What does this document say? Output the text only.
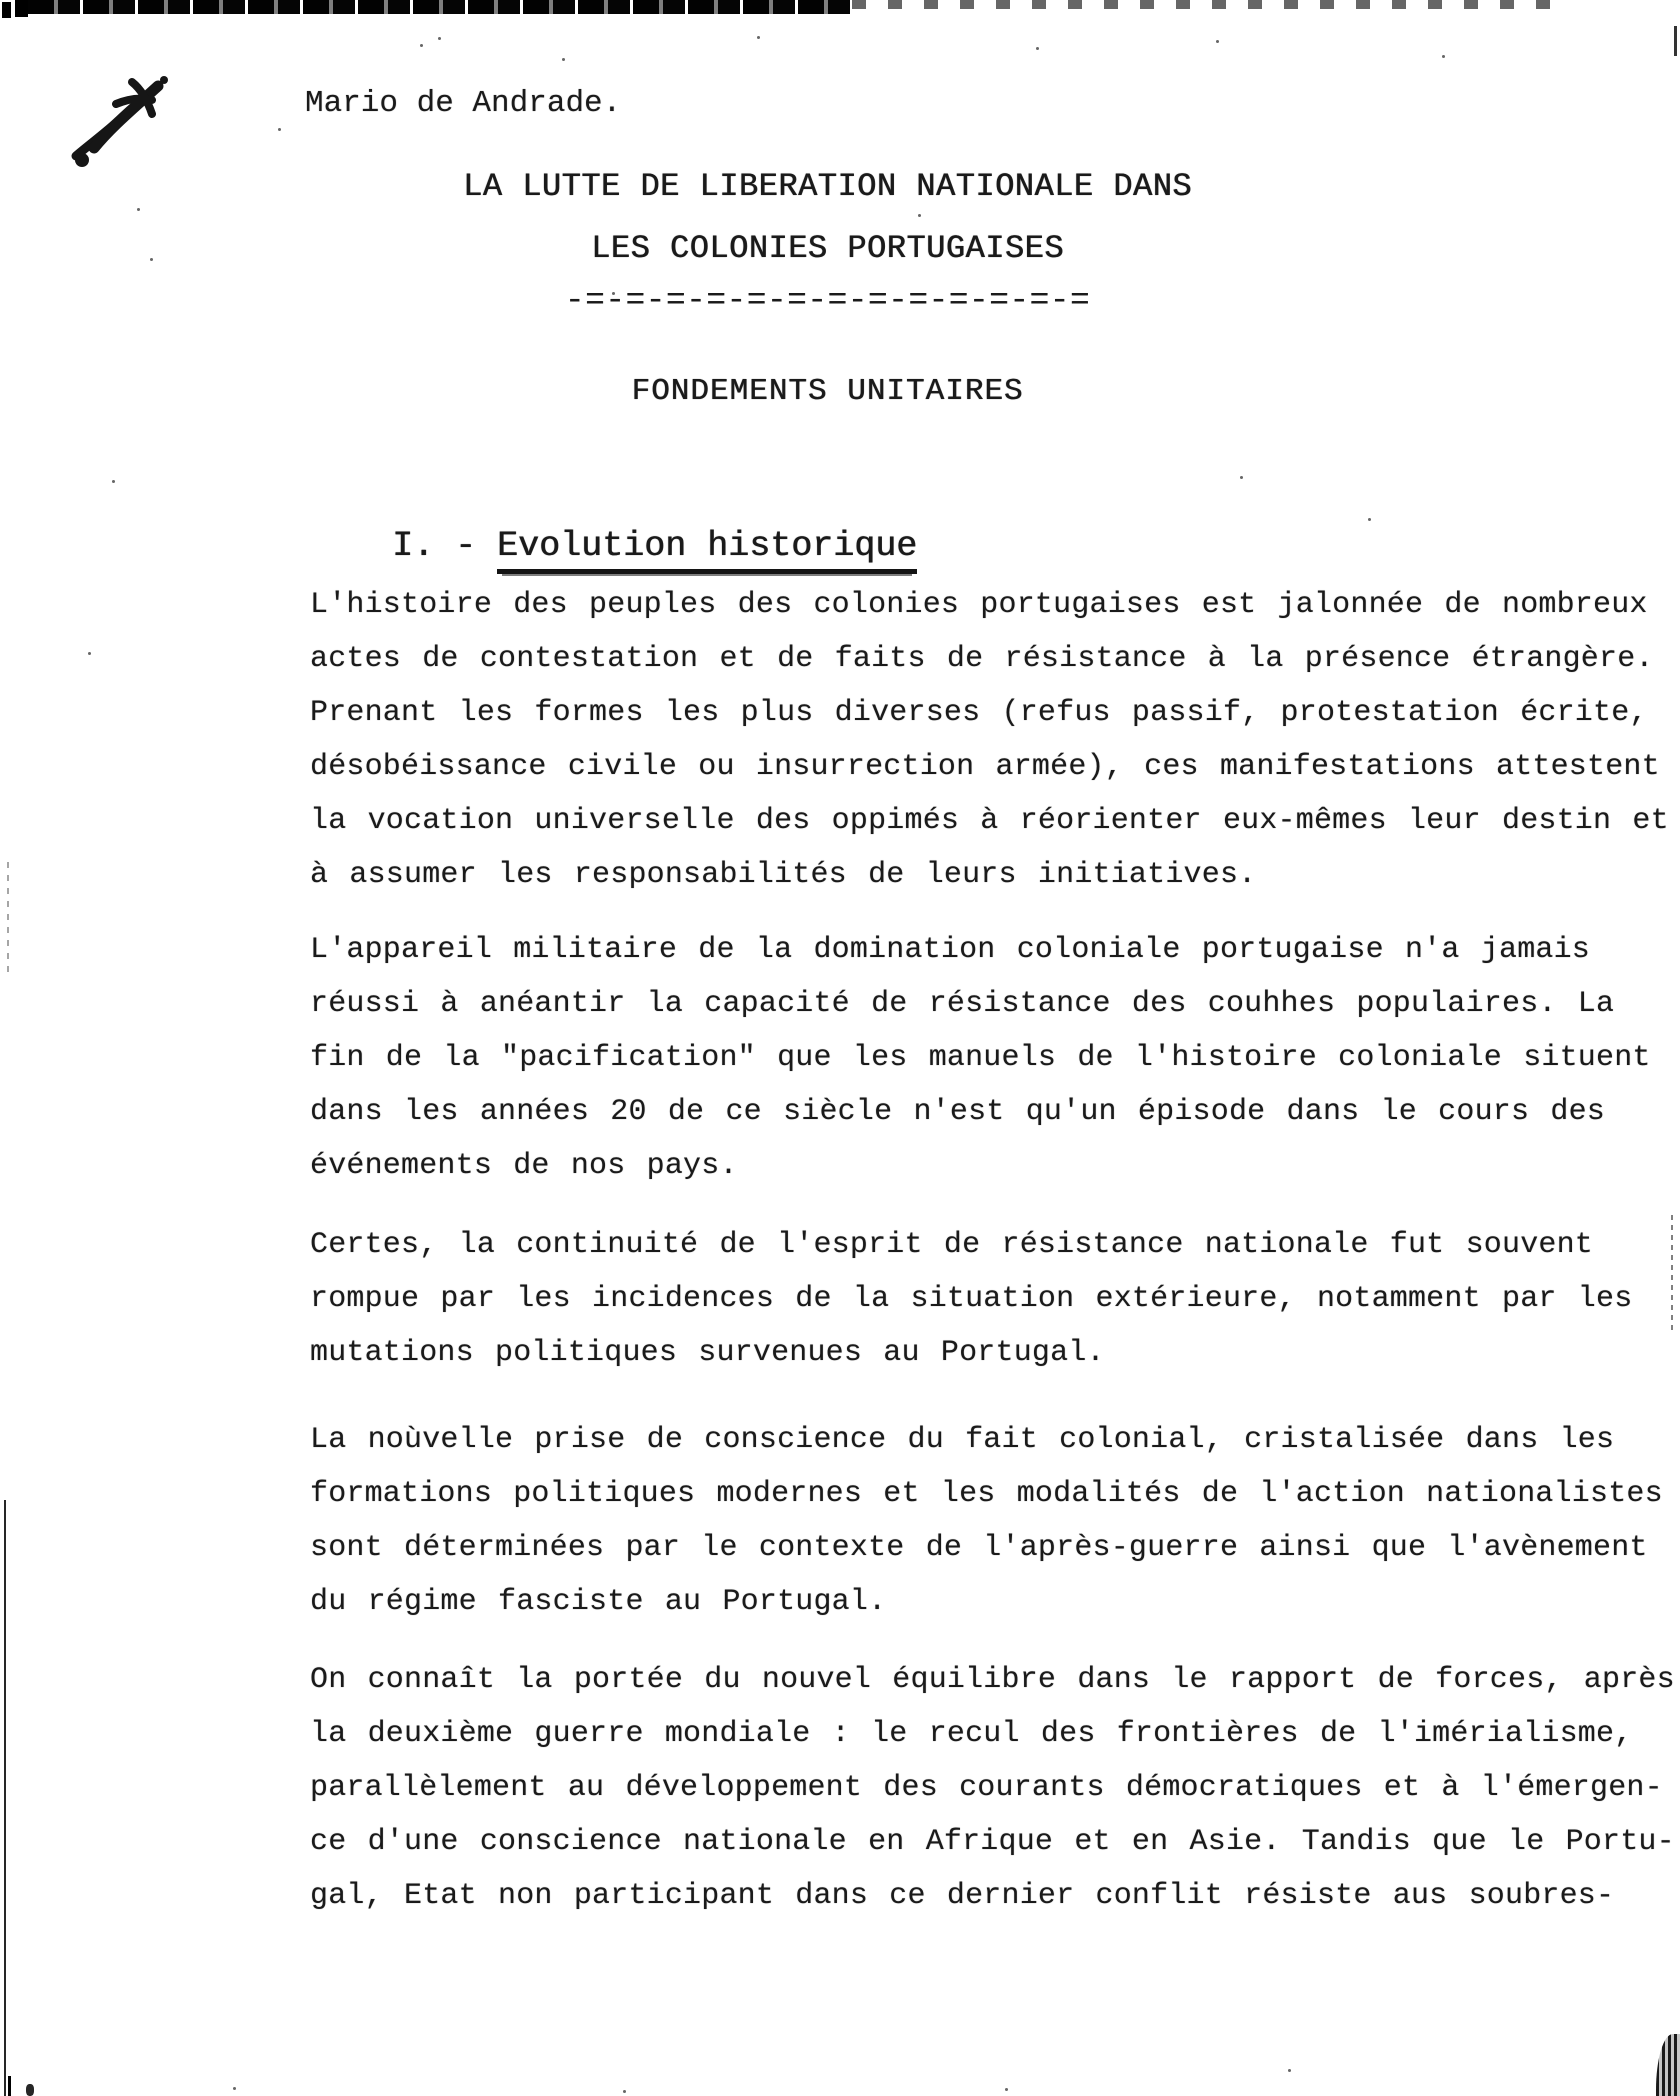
Mario de Andrade.
LA LUTTE DE LIBERATION NATIONALE DANS
LES COLONIES PORTUGAISES
-=-=-=-=-=-=-=-=-=-=-=-=-=
FONDEMENTS UNITAIRES

I. - Evolution historique

L'histoire des peuples des colonies portugaises est jalonnée de nombreux
actes de contestation et de faits de résistance à la présence étrangère.
Prenant les formes les plus diverses (refus passif, protestation écrite,
désobéissance civile ou insurrection armée), ces manifestations attestent
la vocation universelle des oppimés à réorienter eux-mêmes leur destin et
à assumer les responsabilités de leurs initiatives.
L'appareil militaire de la domination coloniale portugaise n'a jamais
réussi à anéantir la capacité de résistance des couhhes populaires. La
fin de la "pacification" que les manuels de l'histoire coloniale situent
dans les années 20 de ce siècle n'est qu'un épisode dans le cours des
événements de nos pays.
Certes, la continuité de l'esprit de résistance nationale fut souvent
rompue par les incidences de la situation extérieure, notamment par les
mutations politiques survenues au Portugal.
La noùvelle prise de conscience du fait colonial, cristalisée dans les
formations politiques modernes et les modalités de l'action nationalistes
sont déterminées par le contexte de l'après-guerre ainsi que l'avènement
du régime fasciste au Portugal.
On connaît la portée du nouvel équilibre dans le rapport de forces, après
la deuxième guerre mondiale : le recul des frontières de l'imérialisme,
parallèlement au développement des courants démocratiques et à l'émergen-
ce d'une conscience nationale en Afrique et en Asie. Tandis que le Portu-
gal, Etat non participant dans ce dernier conflit résiste aus soubres-
